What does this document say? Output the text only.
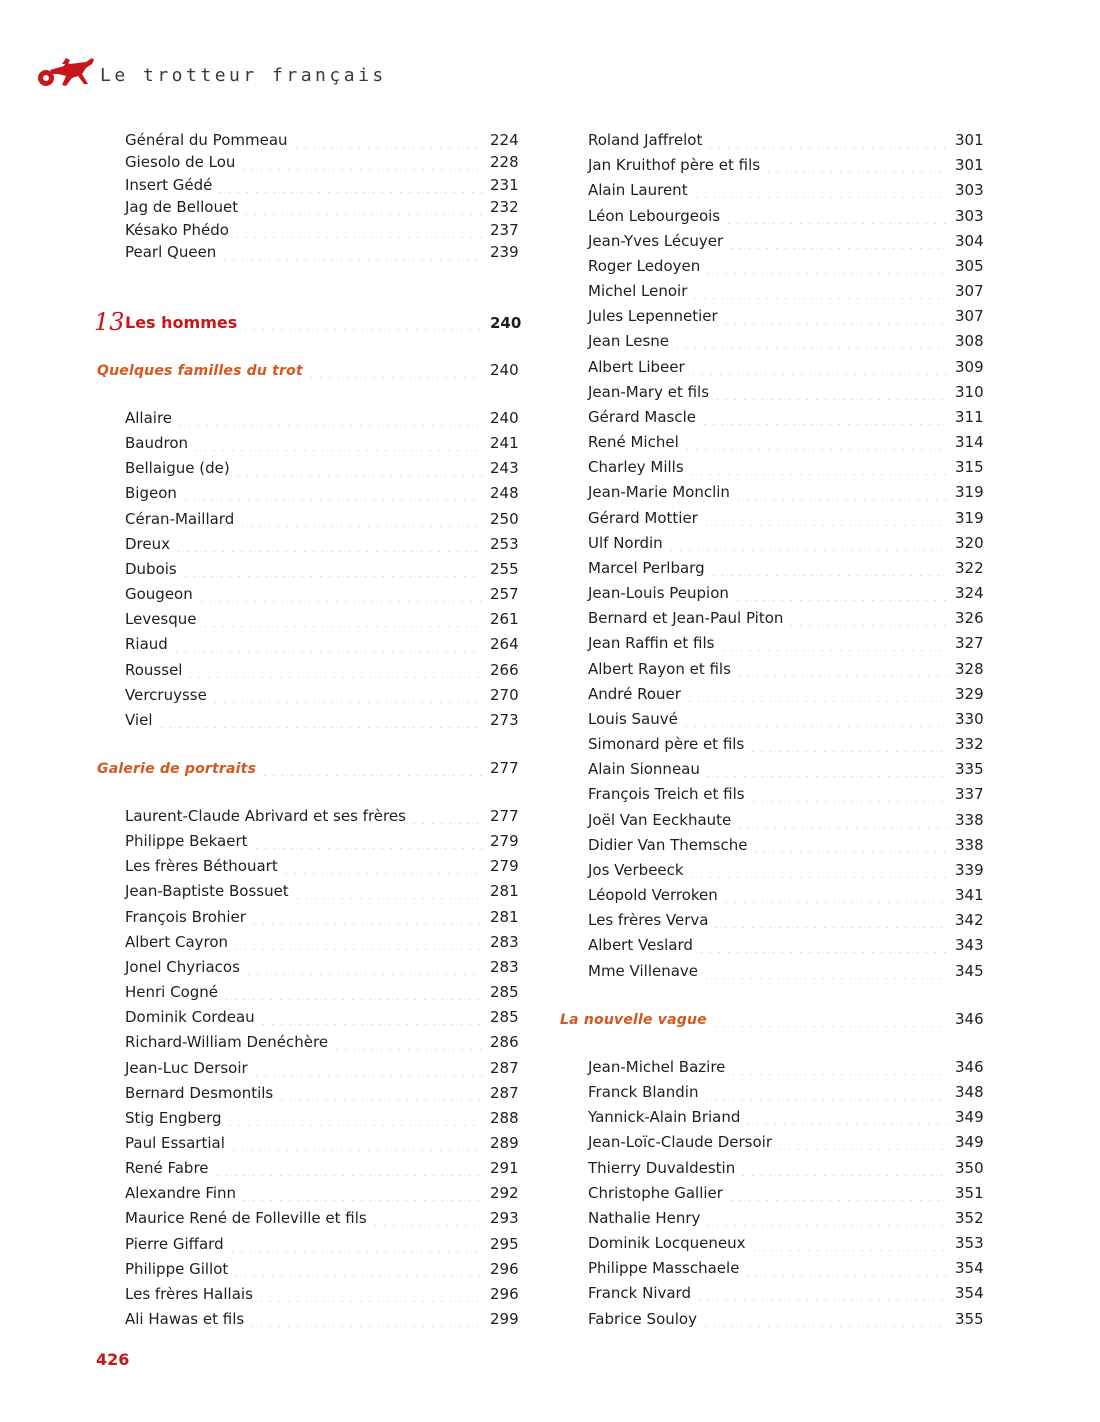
Le trotteur français
Général du Pommeau	224
Giesolo de Lou	228
Insert Gédé	231
Jag de Bellouet	232
Késako Phédo	237
Pearl Queen	239
Les hommes	240
Quelques familles du trot	240
Allaire	240
Baudron	241
Bellaigue (de)	243
Bigeon	248
Céran-Maillard	250
Dreux	253
Dubois	255
Gougeon	257
Levesque	261
Riaud	264
Roussel	266
Vercruysse	270
Viel	273
Galerie de portraits	277
Laurent-Claude Abrivard et ses frères	277
Philippe Bekaert	279
Les frères Béthouart	279
Jean-Baptiste Bossuet	281
François Brohier	281
Albert Cayron	283
Jonel Chyriacos	283
Henri Cogné	285
Dominik Cordeau	285
Richard-William Denéchère	286
Jean-Luc Dersoir	287
Bernard Desmontils	287
Stig Engberg	288
Paul Essartial	289
René Fabre	291
Alexandre Finn	292
Maurice René de Folleville et fils	293
Pierre Giffard	295
Philippe Gillot	296
Les frères Hallais	296
Ali Hawas et fils	299
Roland Jaffrelot	301
Jan Kruithof père et fils	301
Alain Laurent	303
Léon Lebourgeois	303
Jean-Yves Lécuyer	304
Roger Ledoyen	305
Michel Lenoir	307
Jules Lepennetier	307
Jean Lesne	308
Albert Libeer	309
Jean-Mary et fils	310
Gérard Mascle	311
René Michel	314
Charley Mills	315
Jean-Marie Monclin	319
Gérard Mottier	319
Ulf Nordin	320
Marcel Perlbarg	322
Jean-Louis Peupion	324
Bernard et Jean-Paul Piton	326
Jean Raffin et fils	327
Albert Rayon et fils	328
André Rouer	329
Louis Sauvé	330
Simonard père et fils	332
Alain Sionneau	335
François Treich et fils	337
Joël Van Eeckhaute	338
Didier Van Themsche	338
Jos Verbeeck	339
Léopold Verroken	341
Les frères Verva	342
Albert Veslard	343
Mme Villenave	345
La nouvelle vague	346
Jean-Michel Bazire	346
Franck Blandin	348
Yannick-Alain Briand	349
Jean-Loïc-Claude Dersoir	349
Thierry Duvaldestin	350
Christophe Gallier	351
Nathalie Henry	352
Dominik Locqueneux	353
Philippe Masschaele	354
Franck Nivard	354
Fabrice Souloy	355
13
426
